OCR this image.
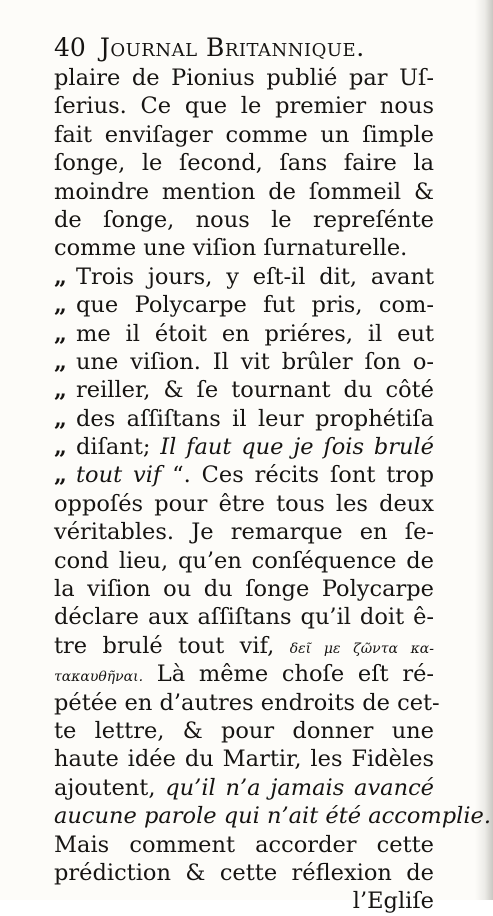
40 Journal Britannique.
plaire de Pionius publié par Uſ-
ſerius. Ce que le premier nous
fait enviſager comme un ſimple
ſonge, le ſecond, ſans faire la
moindre mention de ſommeil &
de ſonge, nous le repreſénte
comme une viſion ſurnaturelle.
„ Trois jours, y eſt-il dit, avant
„ que Polycarpe fut pris, com-
„ me il étoit en priéres, il eut
„ une viſion. Il vit brûler ſon o-
„ reiller, & ſe tournant du côté
„ des aſſiſtans il leur prophétiſa
„ diſant; Il faut que je ſois brulé
„ tout vif “. Ces récits ſont trop
oppoſés pour être tous les deux
véritables. Je remarque en ſe-
cond lieu, qu’en conſéquence de
la viſion ou du ſonge Polycarpe
déclare aux aſſiſtans qu’il doit ê-
tre brulé tout vif, δεῖ με ζῶντα κα-
τακαυθῆναι. Là même choſe eſt ré-
pétée en d’autres endroits de cet-
te lettre, & pour donner une
haute idée du Martir, les Fidèles
ajoutent, qu’il n’a jamais avancé
aucune parole qui n’ait été accomplie.
Mais comment accorder cette
prédiction & cette réflexion de
l’Egliſe
